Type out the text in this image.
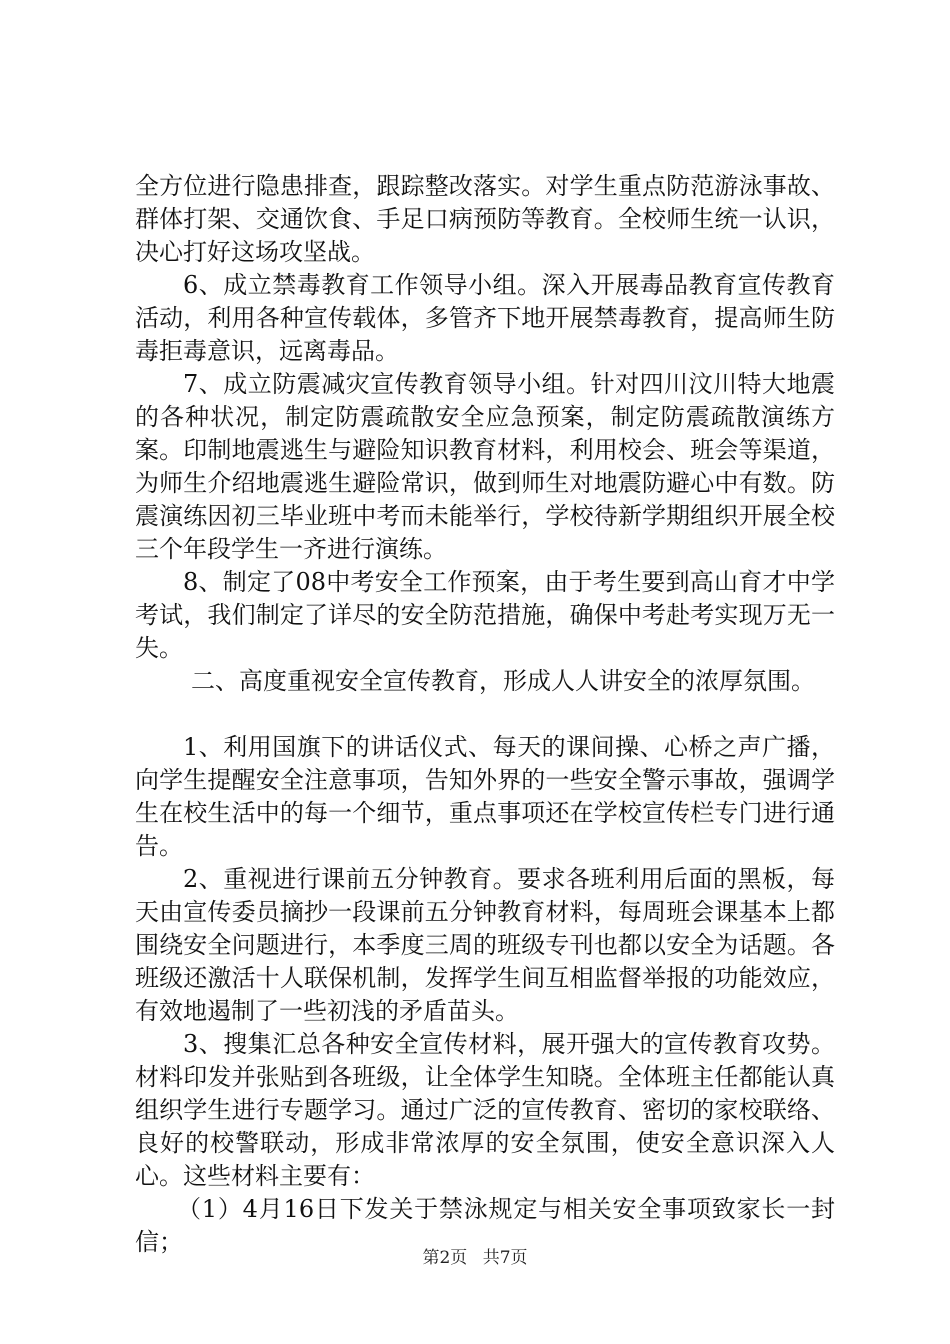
全方位进行隐患排查，跟踪整改落实。对学生重点防范游泳事故、群体打架、交通饮食、手足口病预防等教育。全校师生统一认识，决心打好这场攻坚战。

6、成立禁毒教育工作领导小组。深入开展毒品教育宣传教育活动，利用各种宣传载体，多管齐下地开展禁毒教育，提高师生防毒拒毒意识，远离毒品。

7、成立防震减灾宣传教育领导小组。针对四川汶川特大地震的各种状况，制定防震疏散安全应急预案，制定防震疏散演练方案。印制地震逃生与避险知识教育材料，利用校会、班会等渠道，为师生介绍地震逃生避险常识，做到师生对地震防避心中有数。防震演练因初三毕业班中考而未能举行，学校待新学期组织开展全校三个年段学生一齐进行演练。

8、制定了08中考安全工作预案，由于考生要到高山育才中学考试，我们制定了详尽的安全防范措施，确保中考赴考实现万无一失。

二、高度重视安全宣传教育，形成人人讲安全的浓厚氛围。

1、利用国旗下的讲话仪式、每天的课间操、心桥之声广播，向学生提醒安全注意事项，告知外界的一些安全警示事故，强调学生在校生活中的每一个细节，重点事项还在学校宣传栏专门进行通告。

2、重视进行课前五分钟教育。要求各班利用后面的黑板，每天由宣传委员摘抄一段课前五分钟教育材料，每周班会课基本上都围绕安全问题进行，本季度三周的班级专刊也都以安全为话题。各班级还激活十人联保机制，发挥学生间互相监督举报的功能效应，有效地遏制了一些初浅的矛盾苗头。

3、搜集汇总各种安全宣传材料，展开强大的宣传教育攻势。材料印发并张贴到各班级，让全体学生知晓。全体班主任都能认真组织学生进行专题学习。通过广泛的宣传教育、密切的家校联络、良好的校警联动，形成非常浓厚的安全氛围，使安全意识深入人心。这些材料主要有：

（1）4月16日下发关于禁泳规定与相关安全事项致家长一封信；

第2页 共7页
